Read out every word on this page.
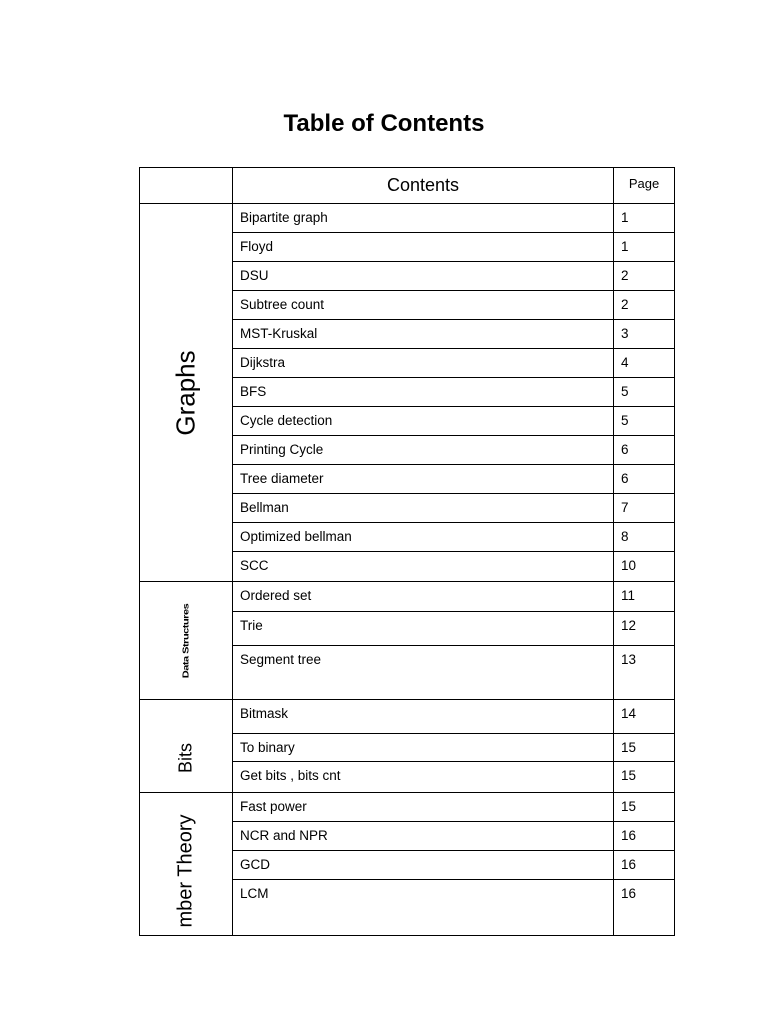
Table of Contents
	Contents	Page

Graphs	Bipartite graph	1
	Floyd	1
	DSU	2
	Subtree count	2
	MST-Kruskal	3
	Dijkstra	4
	BFS	5
	Cycle detection	5
	Printing Cycle	6
	Tree diameter	6
	Bellman	7
	Optimized bellman	8
	SCC	10

Data Structures	Ordered set	11
	Trie	12
	Segment tree	13

Bits	Bitmask	14
	To binary	15
	Get bits , bits cnt	15

mber Theory	Fast power	15
	NCR and NPR	16
	GCD	16
	LCM	16
